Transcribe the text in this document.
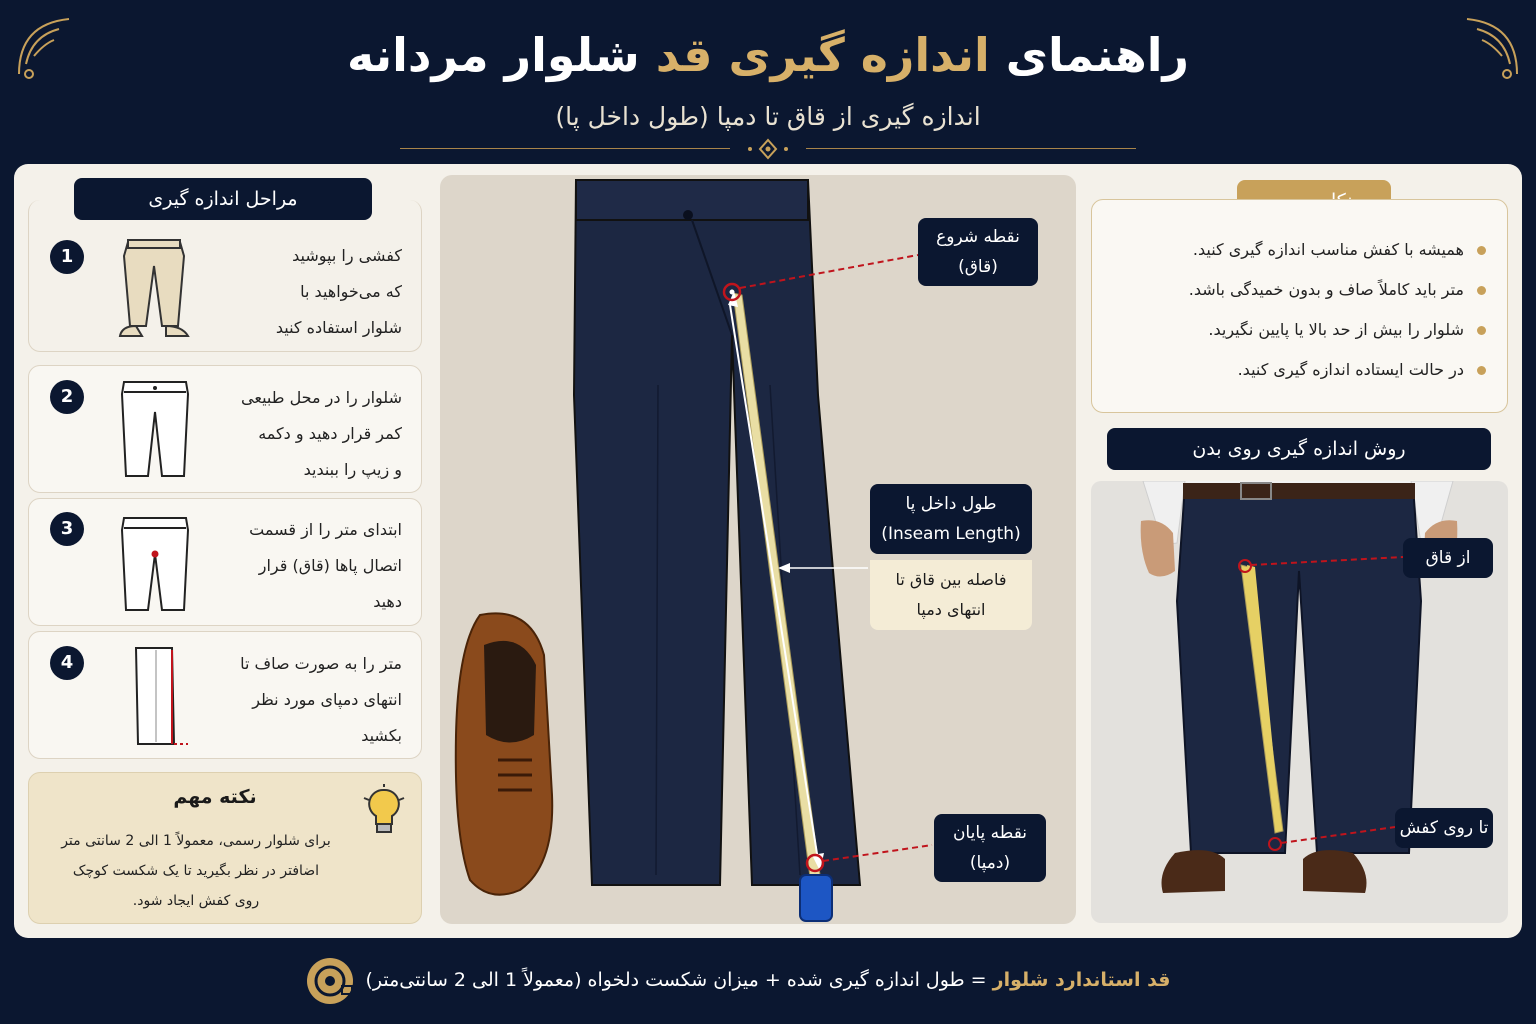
راهنمای اندازه گیری قد شلوار مردانه
اندازه گیری از قاق تا دمپا (طول داخل پا)
مراحل اندازه گیری
1	کفشی را بپوشید
که می‌خواهید با
شلوار استفاده کنید
2	شلوار را در محل طبیعی
کمر قرار دهید و دکمه
و زیپ را ببندید
3	ابتدای متر را از قسمت
اتصال پاها (قاق) قرار
دهید
4	متر را به صورت صاف تا
انتهای دمپای مورد نظر
بکشید
نکته مهم
برای شلوار رسمی، معمولاً 1 الی 2 سانتی متر
اضافتر در نظر بگیرید تا یک شکست کوچک
روی کفش ایجاد شود.
نقطه شروع
(قاق)
طول داخل پا
(Inseam Length)
فاصله بین قاق تا
انتهای دمپا
نقطه پایان
(دمپا)
همیشه با کفش مناسب اندازه گیری کنید.
متر باید کاملاً صاف و بدون خمیدگی باشد.
شلوار را بیش از حد بالا یا پایین نگیرید.
در حالت ایستاده اندازه گیری کنید.
روش اندازه گیری روی بدن
از قاق
تا روی کفش
قد استاندارد شلوار = طول اندازه گیری شده + میزان شکست دلخواه (معمولاً 1 الی 2 سانتی‌متر)
